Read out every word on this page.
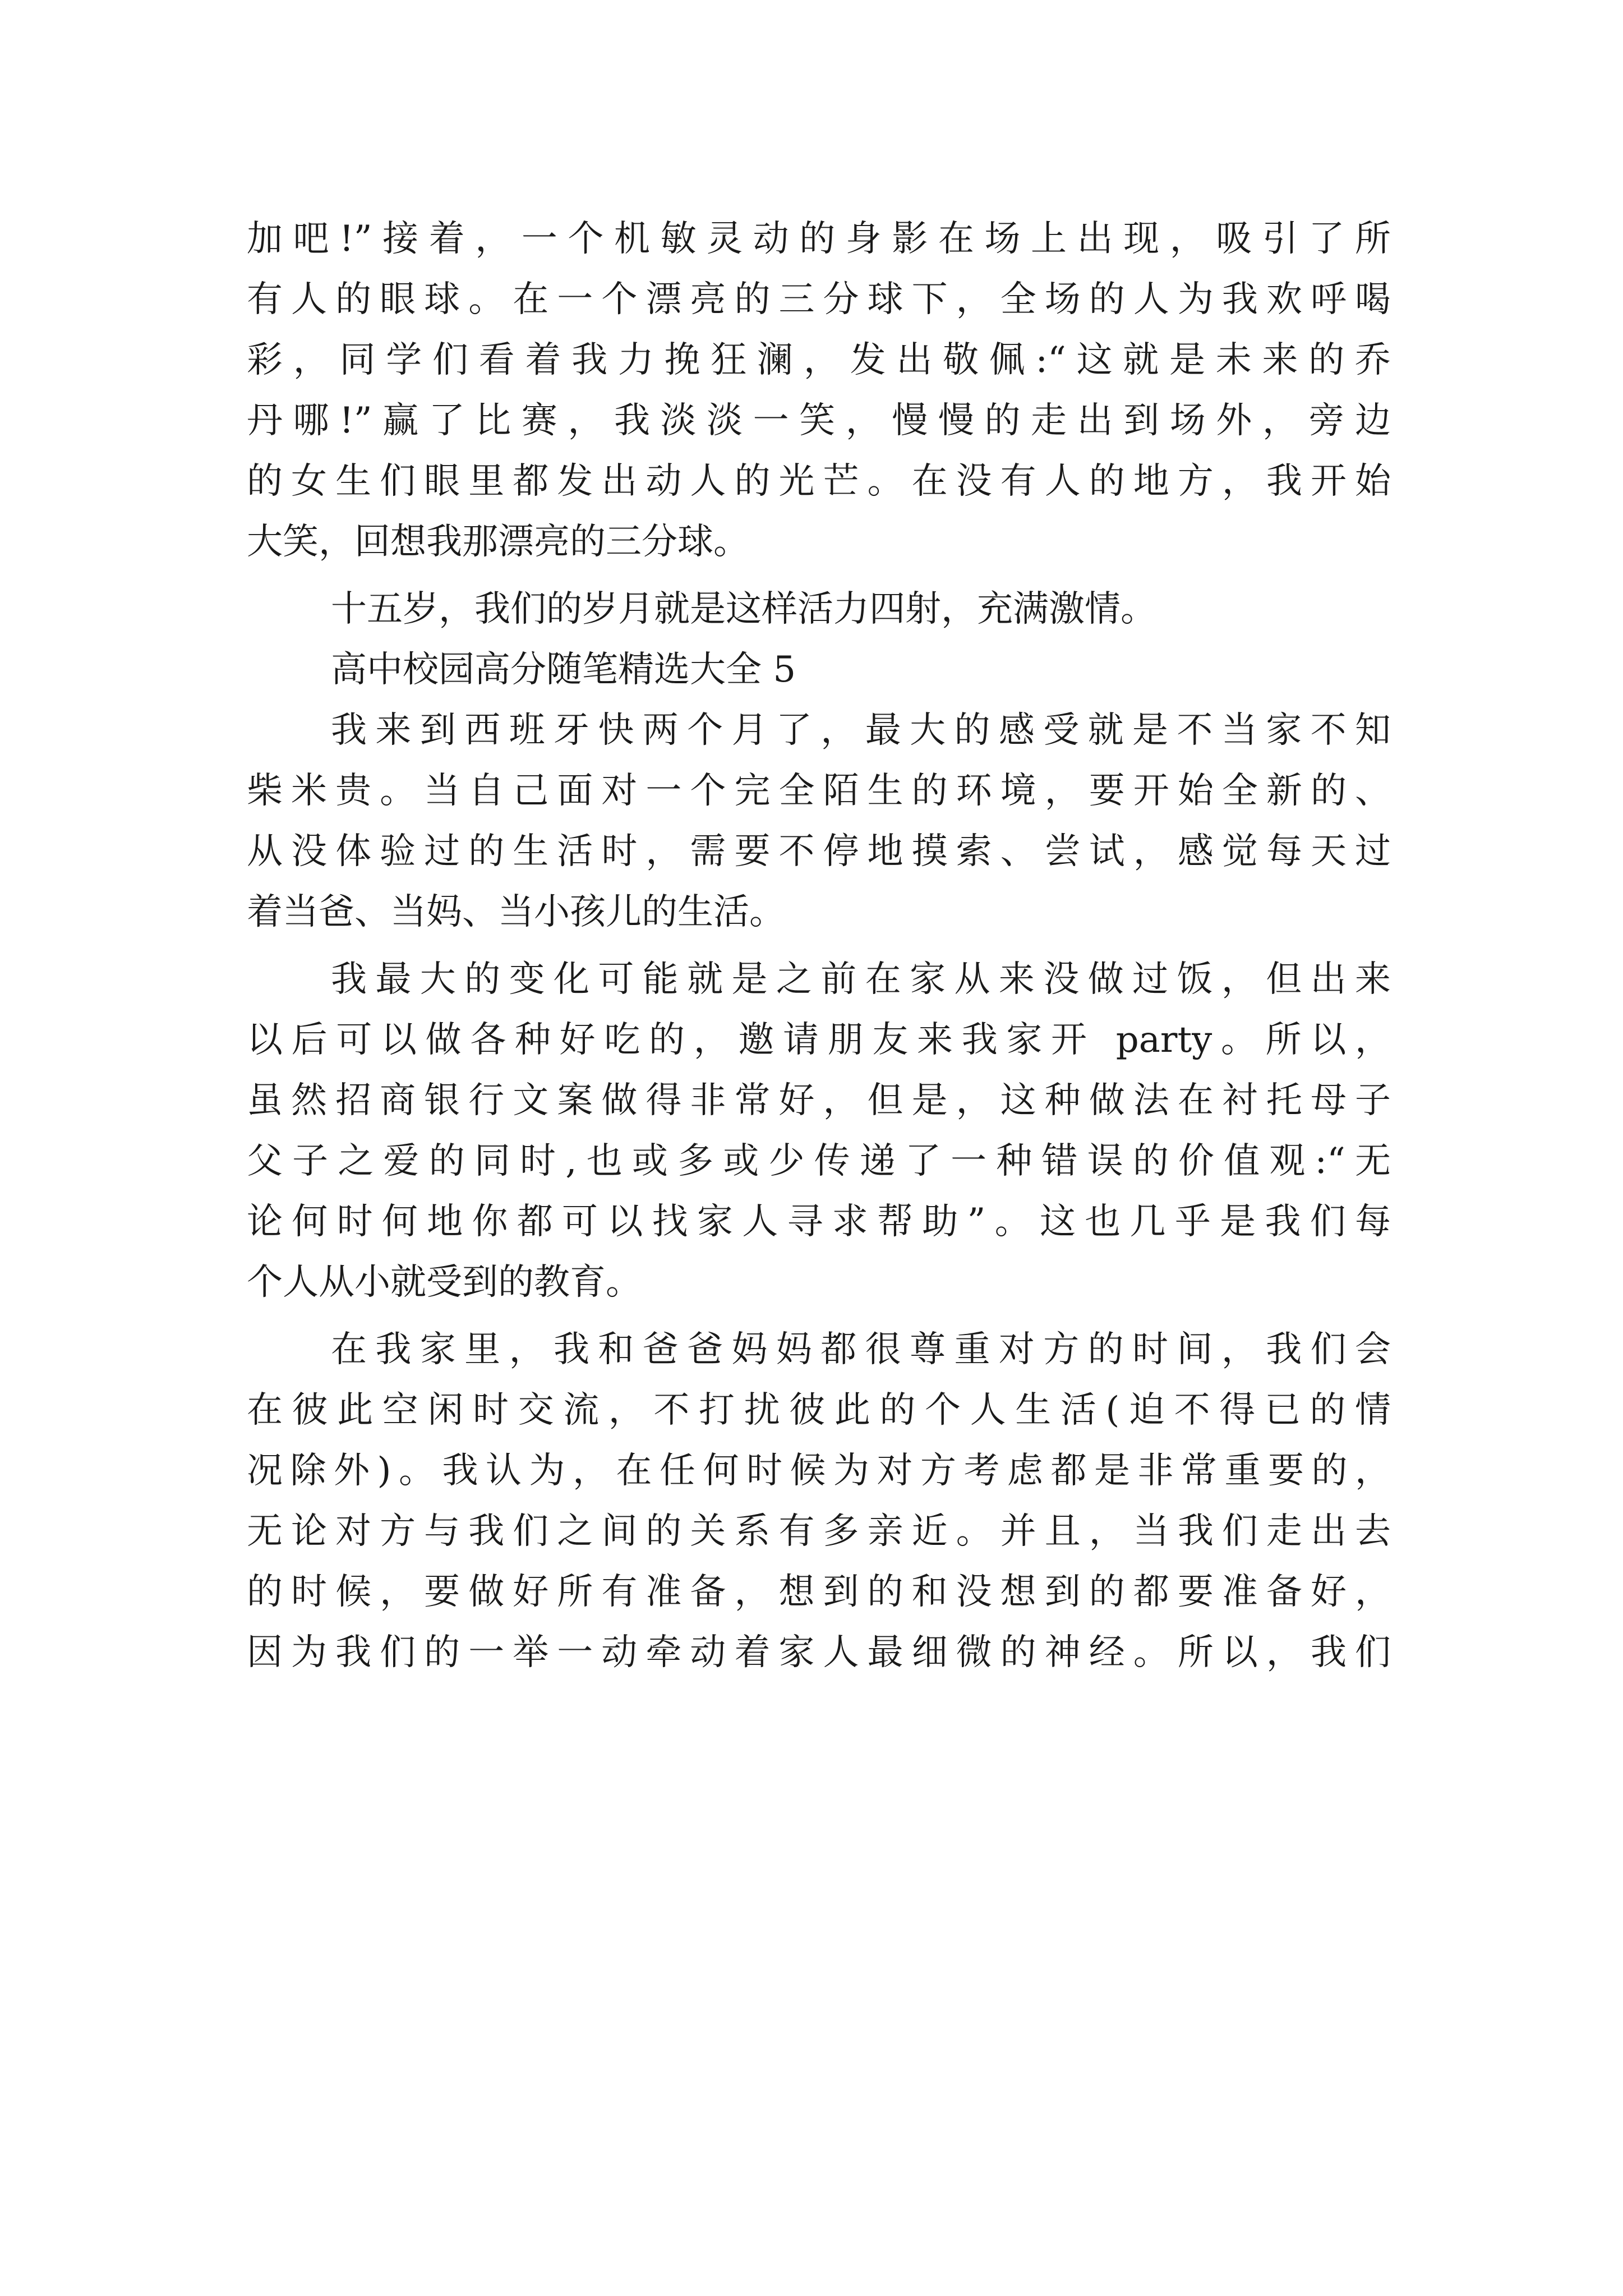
加吧!”接着，一个机敏灵动的身影在场上出现，吸引了所
有人的眼球。在一个漂亮的三分球下，全场的人为我欢呼喝
彩，同学们看着我力挽狂澜，发出敬佩:“这就是未来的乔
丹哪!”赢了比赛，我淡淡一笑，慢慢的走出到场外，旁边
的女生们眼里都发出动人的光芒。在没有人的地方，我开始
大笑，回想我那漂亮的三分球。
十五岁，我们的岁月就是这样活力四射，充满激情。
高中校园高分随笔精选大全 5
我来到西班牙快两个月了，最大的感受就是不当家不知
柴米贵。当自己面对一个完全陌生的环境，要开始全新的、
从没体验过的生活时，需要不停地摸索、尝试，感觉每天过
着当爸、当妈、当小孩儿的生活。
我最大的变化可能就是之前在家从来没做过饭，但出来
以后可以做各种好吃的，邀请朋友来我家开 party。所以，
虽然招商银行文案做得非常好，但是，这种做法在衬托母子
父子之爱的同时,也或多或少传递了一种错误的价值观:“无
论何时何地你都可以找家人寻求帮助”。这也几乎是我们每
个人从小就受到的教育。
在我家里，我和爸爸妈妈都很尊重对方的时间，我们会
在彼此空闲时交流，不打扰彼此的个人生活(迫不得已的情
况除外)。我认为，在任何时候为对方考虑都是非常重要的，
无论对方与我们之间的关系有多亲近。并且，当我们走出去
的时候，要做好所有准备，想到的和没想到的都要准备好，
因为我们的一举一动牵动着家人最细微的神经。所以，我们
